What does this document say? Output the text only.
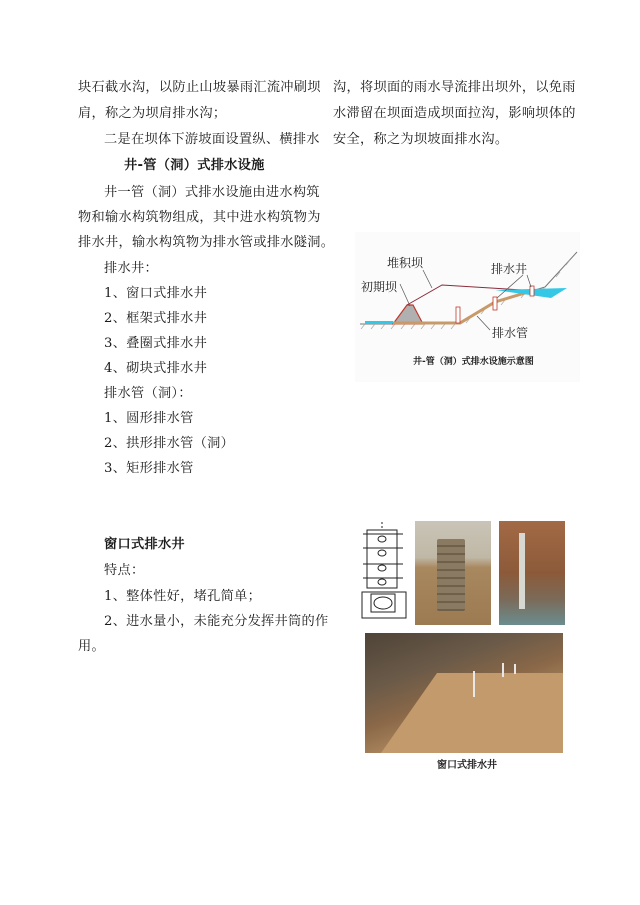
块石截水沟，以防止山坡暴雨汇流冲刷坝
肩，称之为坝肩排水沟；
二是在坝体下游坡面设置纵、横排水
井-管（洞）式排水设施
井一管（洞）式排水设施由进水构筑
物和输水构筑物组成，其中进水构筑物为
排水井，输水构筑物为排水管或排水隧洞。
排水井：
1、窗口式排水井
2、框架式排水井
3、叠圈式排水井
4、砌块式排水井
排水管（洞）：
1、圆形排水管
2、拱形排水管（洞）
3、矩形排水管
窗口式排水井
特点：
1、整体性好，堵孔简单；
2、进水量小，未能充分发挥井筒的作
用。
沟，将坝面的雨水导流排出坝外，以免雨
水滞留在坝面造成坝面拉沟，影响坝体的
安全，称之为坝坡面排水沟。
堆积坝	排水井
初期坝
排水管
井-管（洞）式排水设施示意图
窗口式排水井
